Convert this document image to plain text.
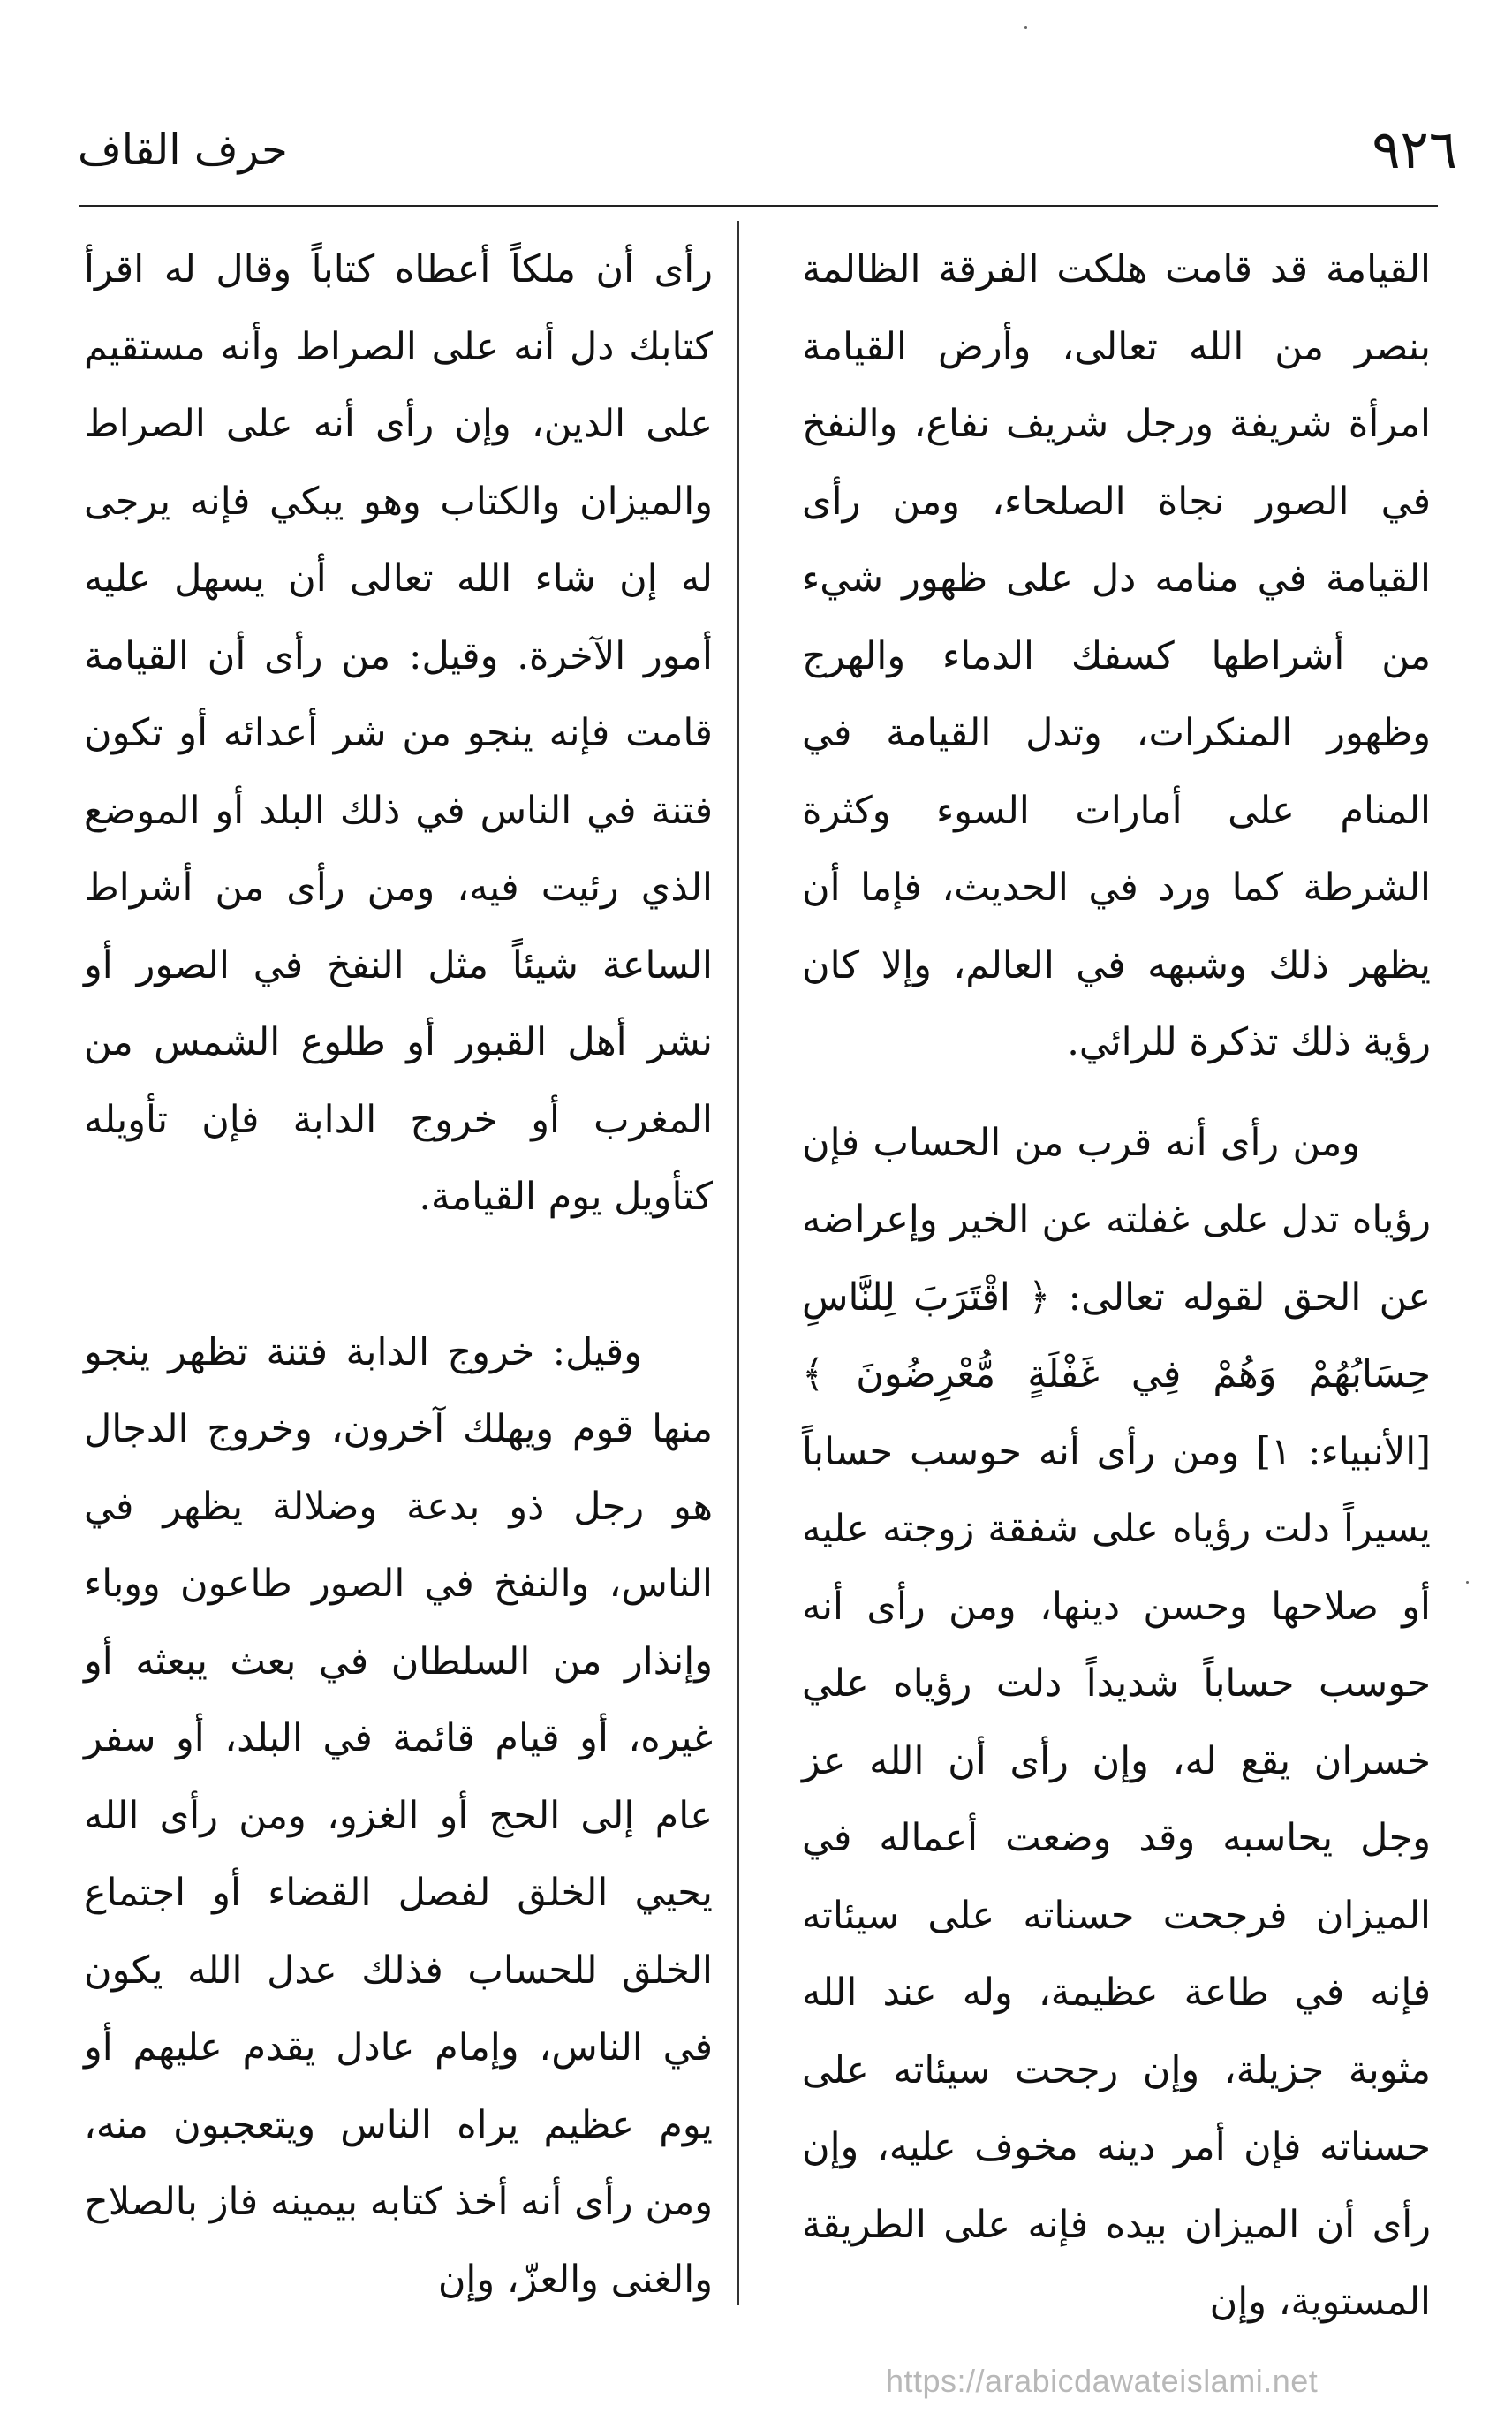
٩٢٦
حرف القاف

القيامة قد قامت هلكت الفرقة الظالمة بنصر من الله تعالى، وأرض القيامة امرأة شريفة ورجل شريف نفاع، والنفخ في الصور نجاة الصلحاء، ومن رأى القيامة في منامه دل على ظهور شيء من أشراطها كسفك الدماء والهرج وظهور المنكرات، وتدل القيامة في المنام على أمارات السوء وكثرة الشرطة كما ورد في الحديث، فإما أن يظهر ذلك وشبهه في العالم، وإلا كان رؤية ذلك تذكرة للرائي.

ومن رأى أنه قرب من الحساب فإن رؤياه تدل على غفلته عن الخير وإعراضه عن الحق لقوله تعالى: ﴿ اقْتَرَبَ لِلنَّاسِ حِسَابُهُمْ وَهُمْ فِي غَفْلَةٍ مُّعْرِضُونَ ﴾ [الأنبياء: ١] ومن رأى أنه حوسب حساباً يسيراً دلت رؤياه على شفقة زوجته عليه أو صلاحها وحسن دينها، ومن رأى أنه حوسب حساباً شديداً دلت رؤياه علي خسران يقع له، وإن رأى أن الله عز وجل يحاسبه وقد وضعت أعماله في الميزان فرجحت حسناته على سيئاته فإنه في طاعة عظيمة، وله عند الله مثوبة جزيلة، وإن رجحت سيئاته على حسناته فإن أمر دينه مخوف عليه، وإن رأى أن الميزان بيده فإنه على الطريقة المستوية، وإن

رأى أن ملكاً أعطاه كتاباً وقال له اقرأ كتابك دل أنه على الصراط وأنه مستقيم على الدين، وإن رأى أنه على الصراط والميزان والكتاب وهو يبكي فإنه يرجى له إن شاء الله تعالى أن يسهل عليه أمور الآخرة. وقيل: من رأى أن القيامة قامت فإنه ينجو من شر أعدائه أو تكون فتنة في الناس في ذلك البلد أو الموضع الذي رئيت فيه، ومن رأى من أشراط الساعة شيئاً مثل النفخ في الصور أو نشر أهل القبور أو طلوع الشمس من المغرب أو خروج الدابة فإن تأويله كتأويل يوم القيامة.

وقيل: خروج الدابة فتنة تظهر ينجو منها قوم ويهلك آخرون، وخروج الدجال هو رجل ذو بدعة وضلالة يظهر في الناس، والنفخ في الصور طاعون ووباء وإنذار من السلطان في بعث يبعثه أو غيره، أو قيام قائمة في البلد، أو سفر عام إلى الحج أو الغزو، ومن رأى الله يحيي الخلق لفصل القضاء أو اجتماع الخلق للحساب فذلك عدل الله يكون في الناس، وإمام عادل يقدم عليهم أو يوم عظيم يراه الناس ويتعجبون منه، ومن رأى أنه أخذ كتابه بيمينه فاز بالصلاح والغنى والعزّ، وإن

https://arabicdawateislami.net
